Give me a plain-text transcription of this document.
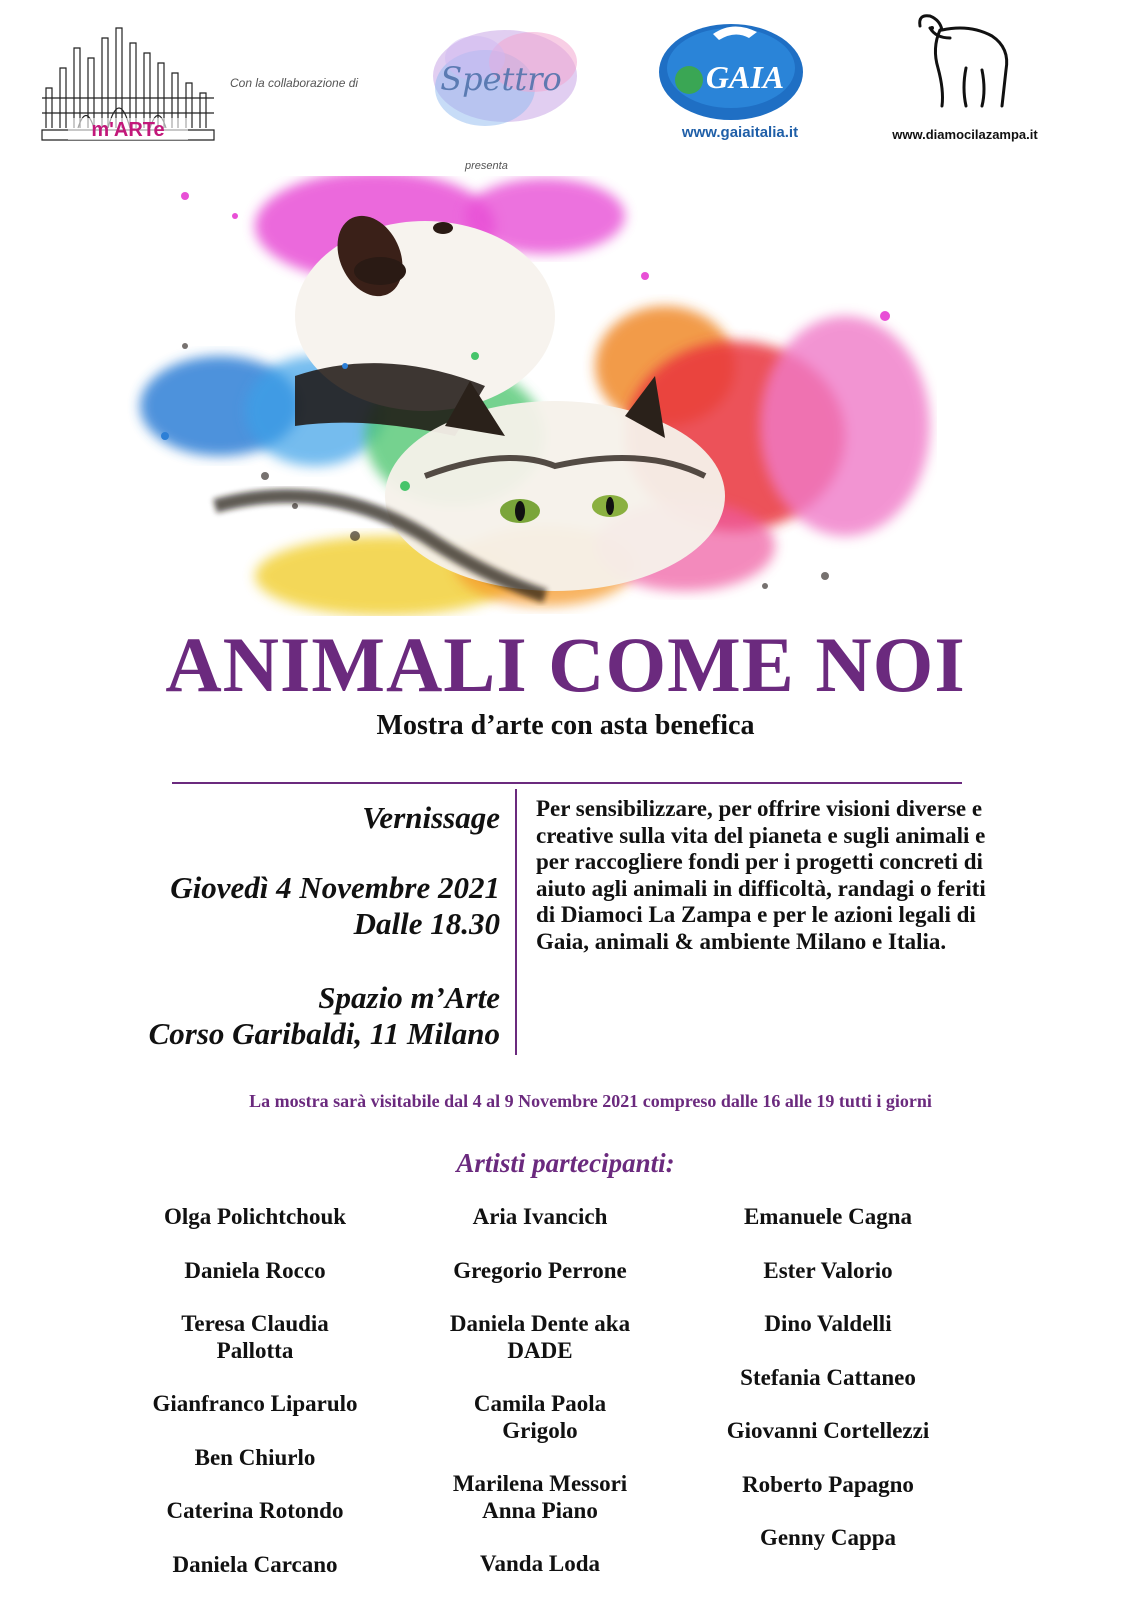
m'ARTe
Con la collaborazione di	Spettro	GAIA
www.gaiaitalia.it	www.diamocilazampa.it
presenta
ANIMALI COME NOI
Mostra d’arte con asta benefica
Vernissage
Giovedì 4 Novembre 2021
Dalle 18.30
Spazio m’Arte
Corso Garibaldi, 11 Milano
Per sensibilizzare, per offrire visioni diverse e creative sulla vita del pianeta e sugli animali e per raccogliere fondi per i progetti concreti di aiuto agli animali in difficoltà, randagi o feriti di Diamoci La Zampa e per le azioni legali di Gaia, animali & ambiente Milano e Italia.
La mostra sarà visitabile dal 4 al 9 Novembre 2021 compreso dalle 16 alle 19 tutti i giorni
Artisti partecipanti:
Olga Polichtchouk
Daniela Rocco
Teresa Claudia Pallotta
Gianfranco Liparulo
Ben Chiurlo
Caterina Rotondo
Daniela Carcano
Aria Ivancich
Gregorio Perrone
Daniela Dente aka DADE
Camila Paola Grigolo
Marilena Messori Anna Piano
Vanda Loda
Emanuele Cagna
Ester Valorio
Dino Valdelli
Stefania Cattaneo
Giovanni Cortellezzi
Roberto Papagno
Genny Cappa
